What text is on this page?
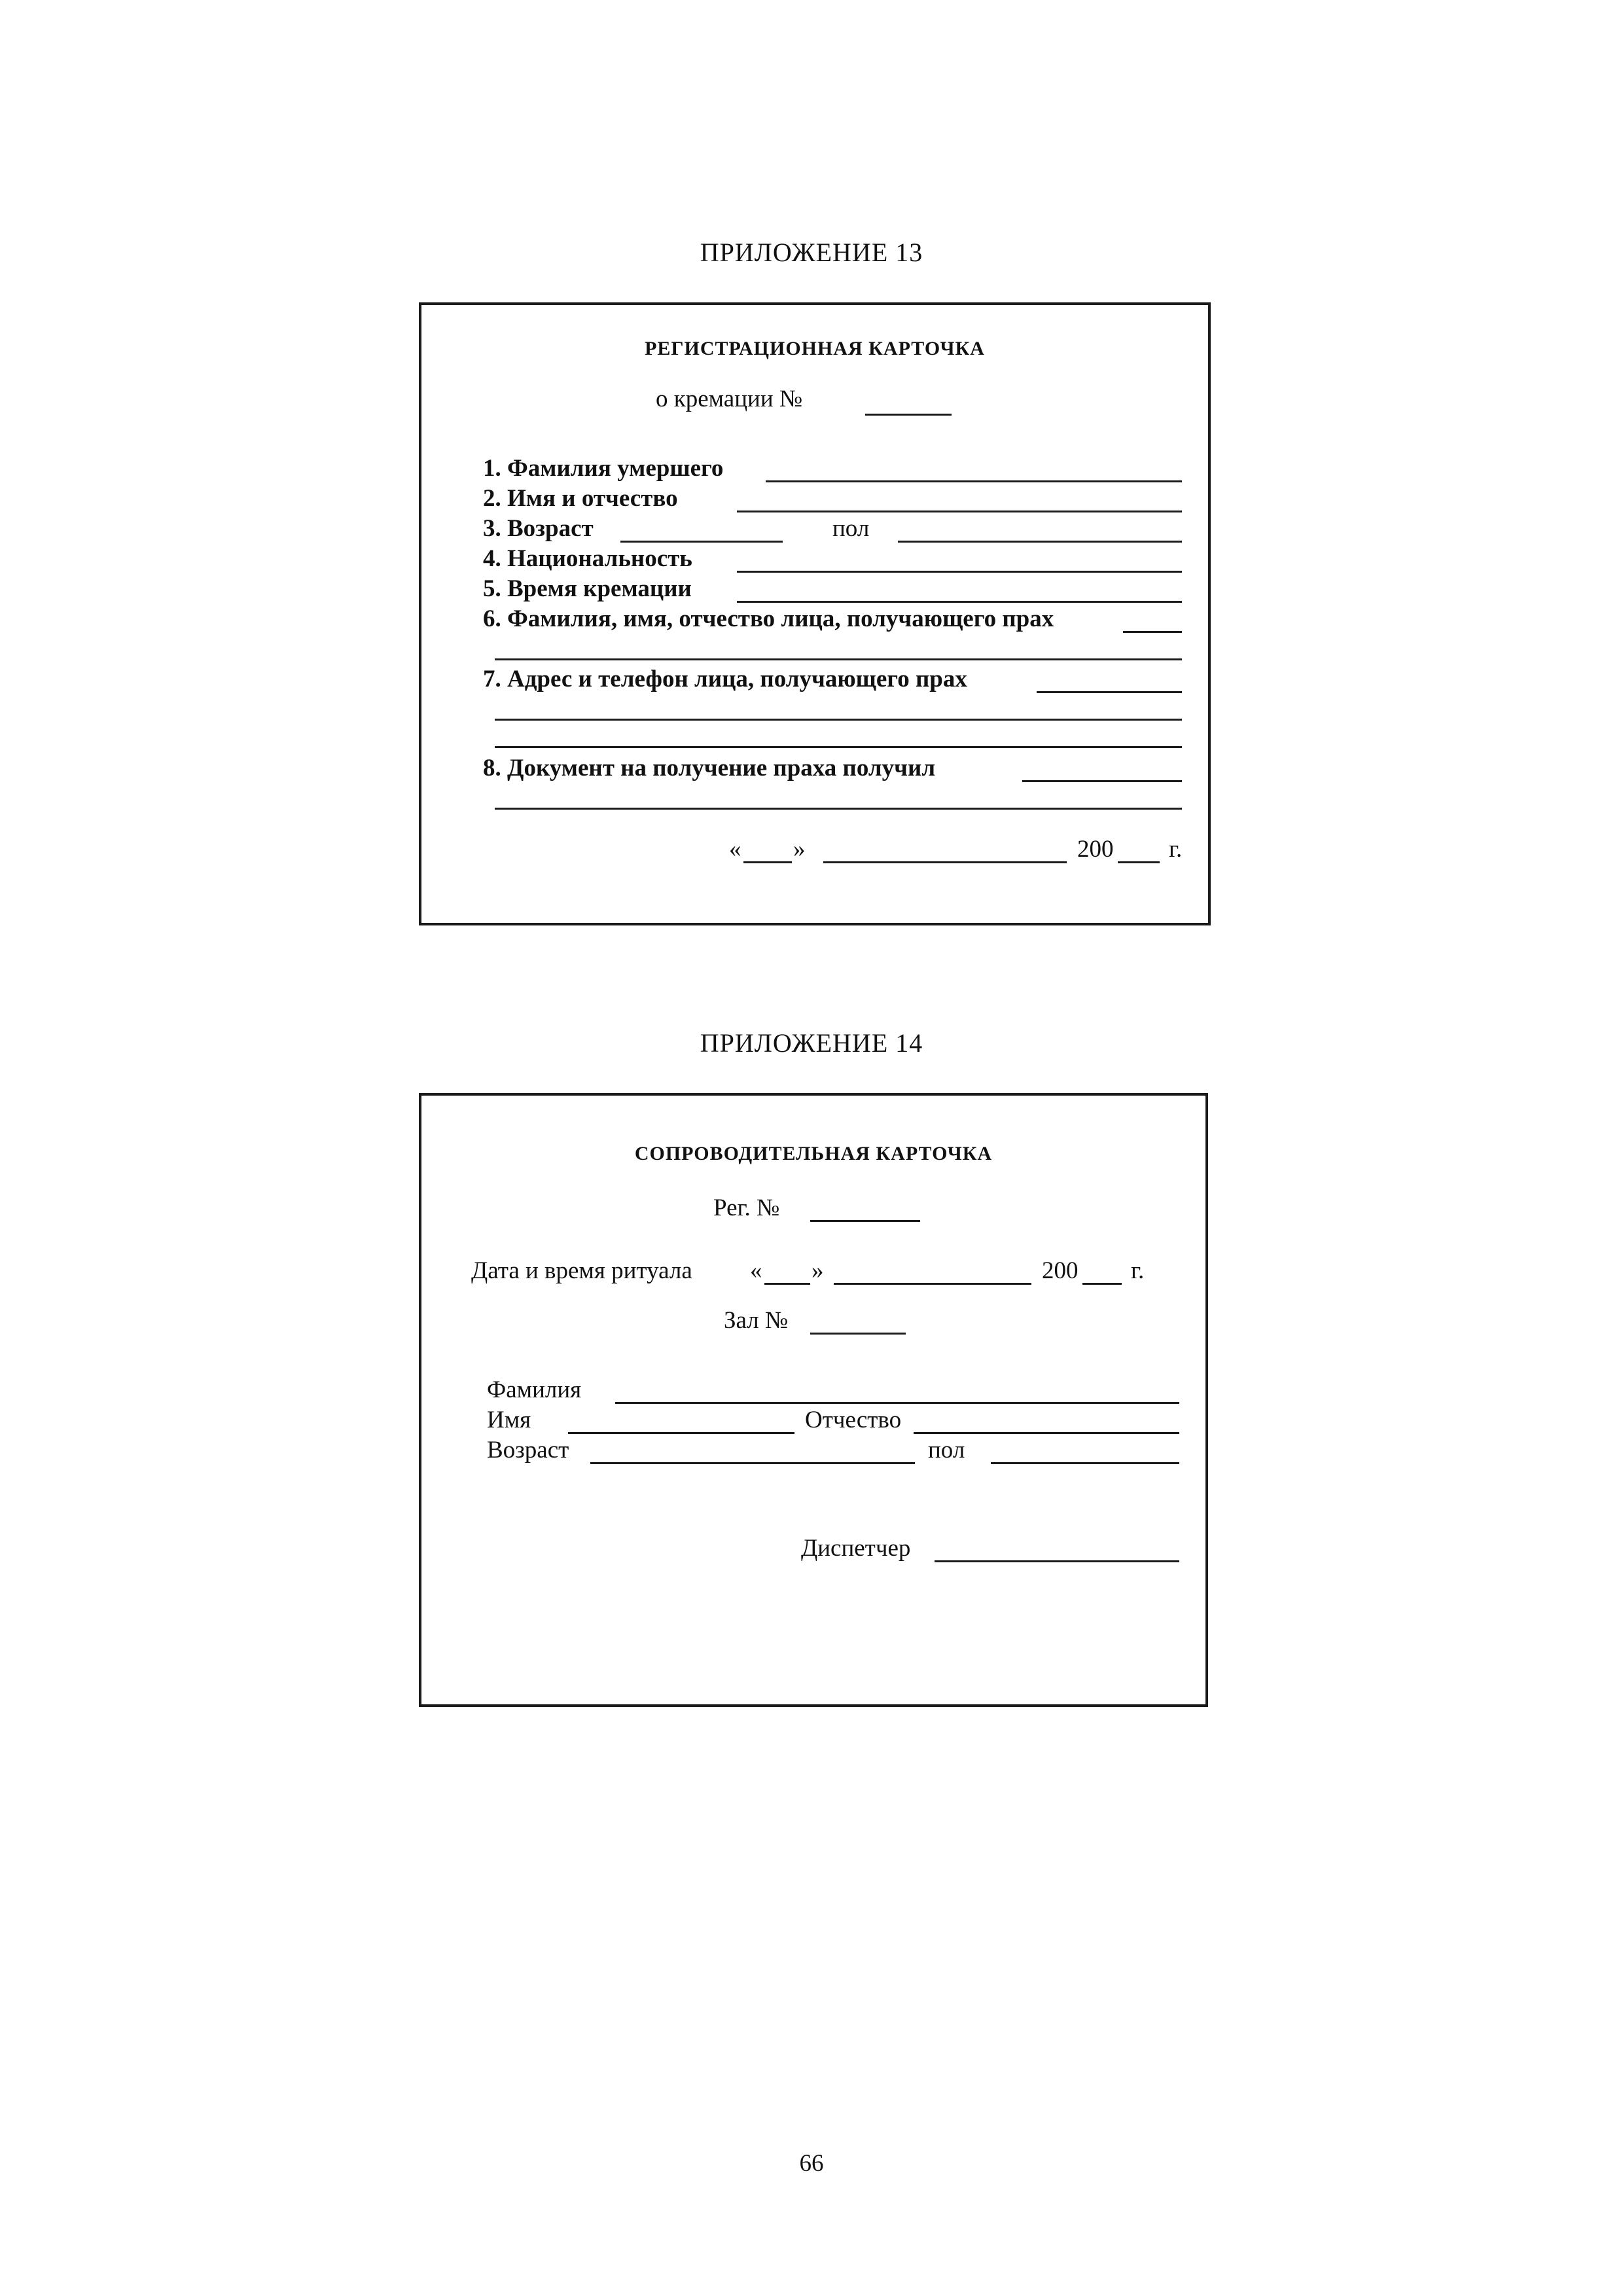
ПРИЛОЖЕНИЕ 13
РЕГИСТРАЦИОННАЯ КАРТОЧКА
о кремации №
1. Фамилия умершего
2. Имя и отчество
3. Возраст	пол
4. Национальность
5. Время кремации
6. Фамилия, имя, отчество лица, получающего прах
7. Адрес и телефон лица, получающего прах
8. Документ на получение праха получил
« »	200 г.
ПРИЛОЖЕНИЕ 14
СОПРОВОДИТЕЛЬНАЯ КАРТОЧКА
Рег. №
Дата и время ритуала « »	200 г.
Зал №
Фамилия
Имя	Отчество
Возраст	пол
Диспетчер
66
